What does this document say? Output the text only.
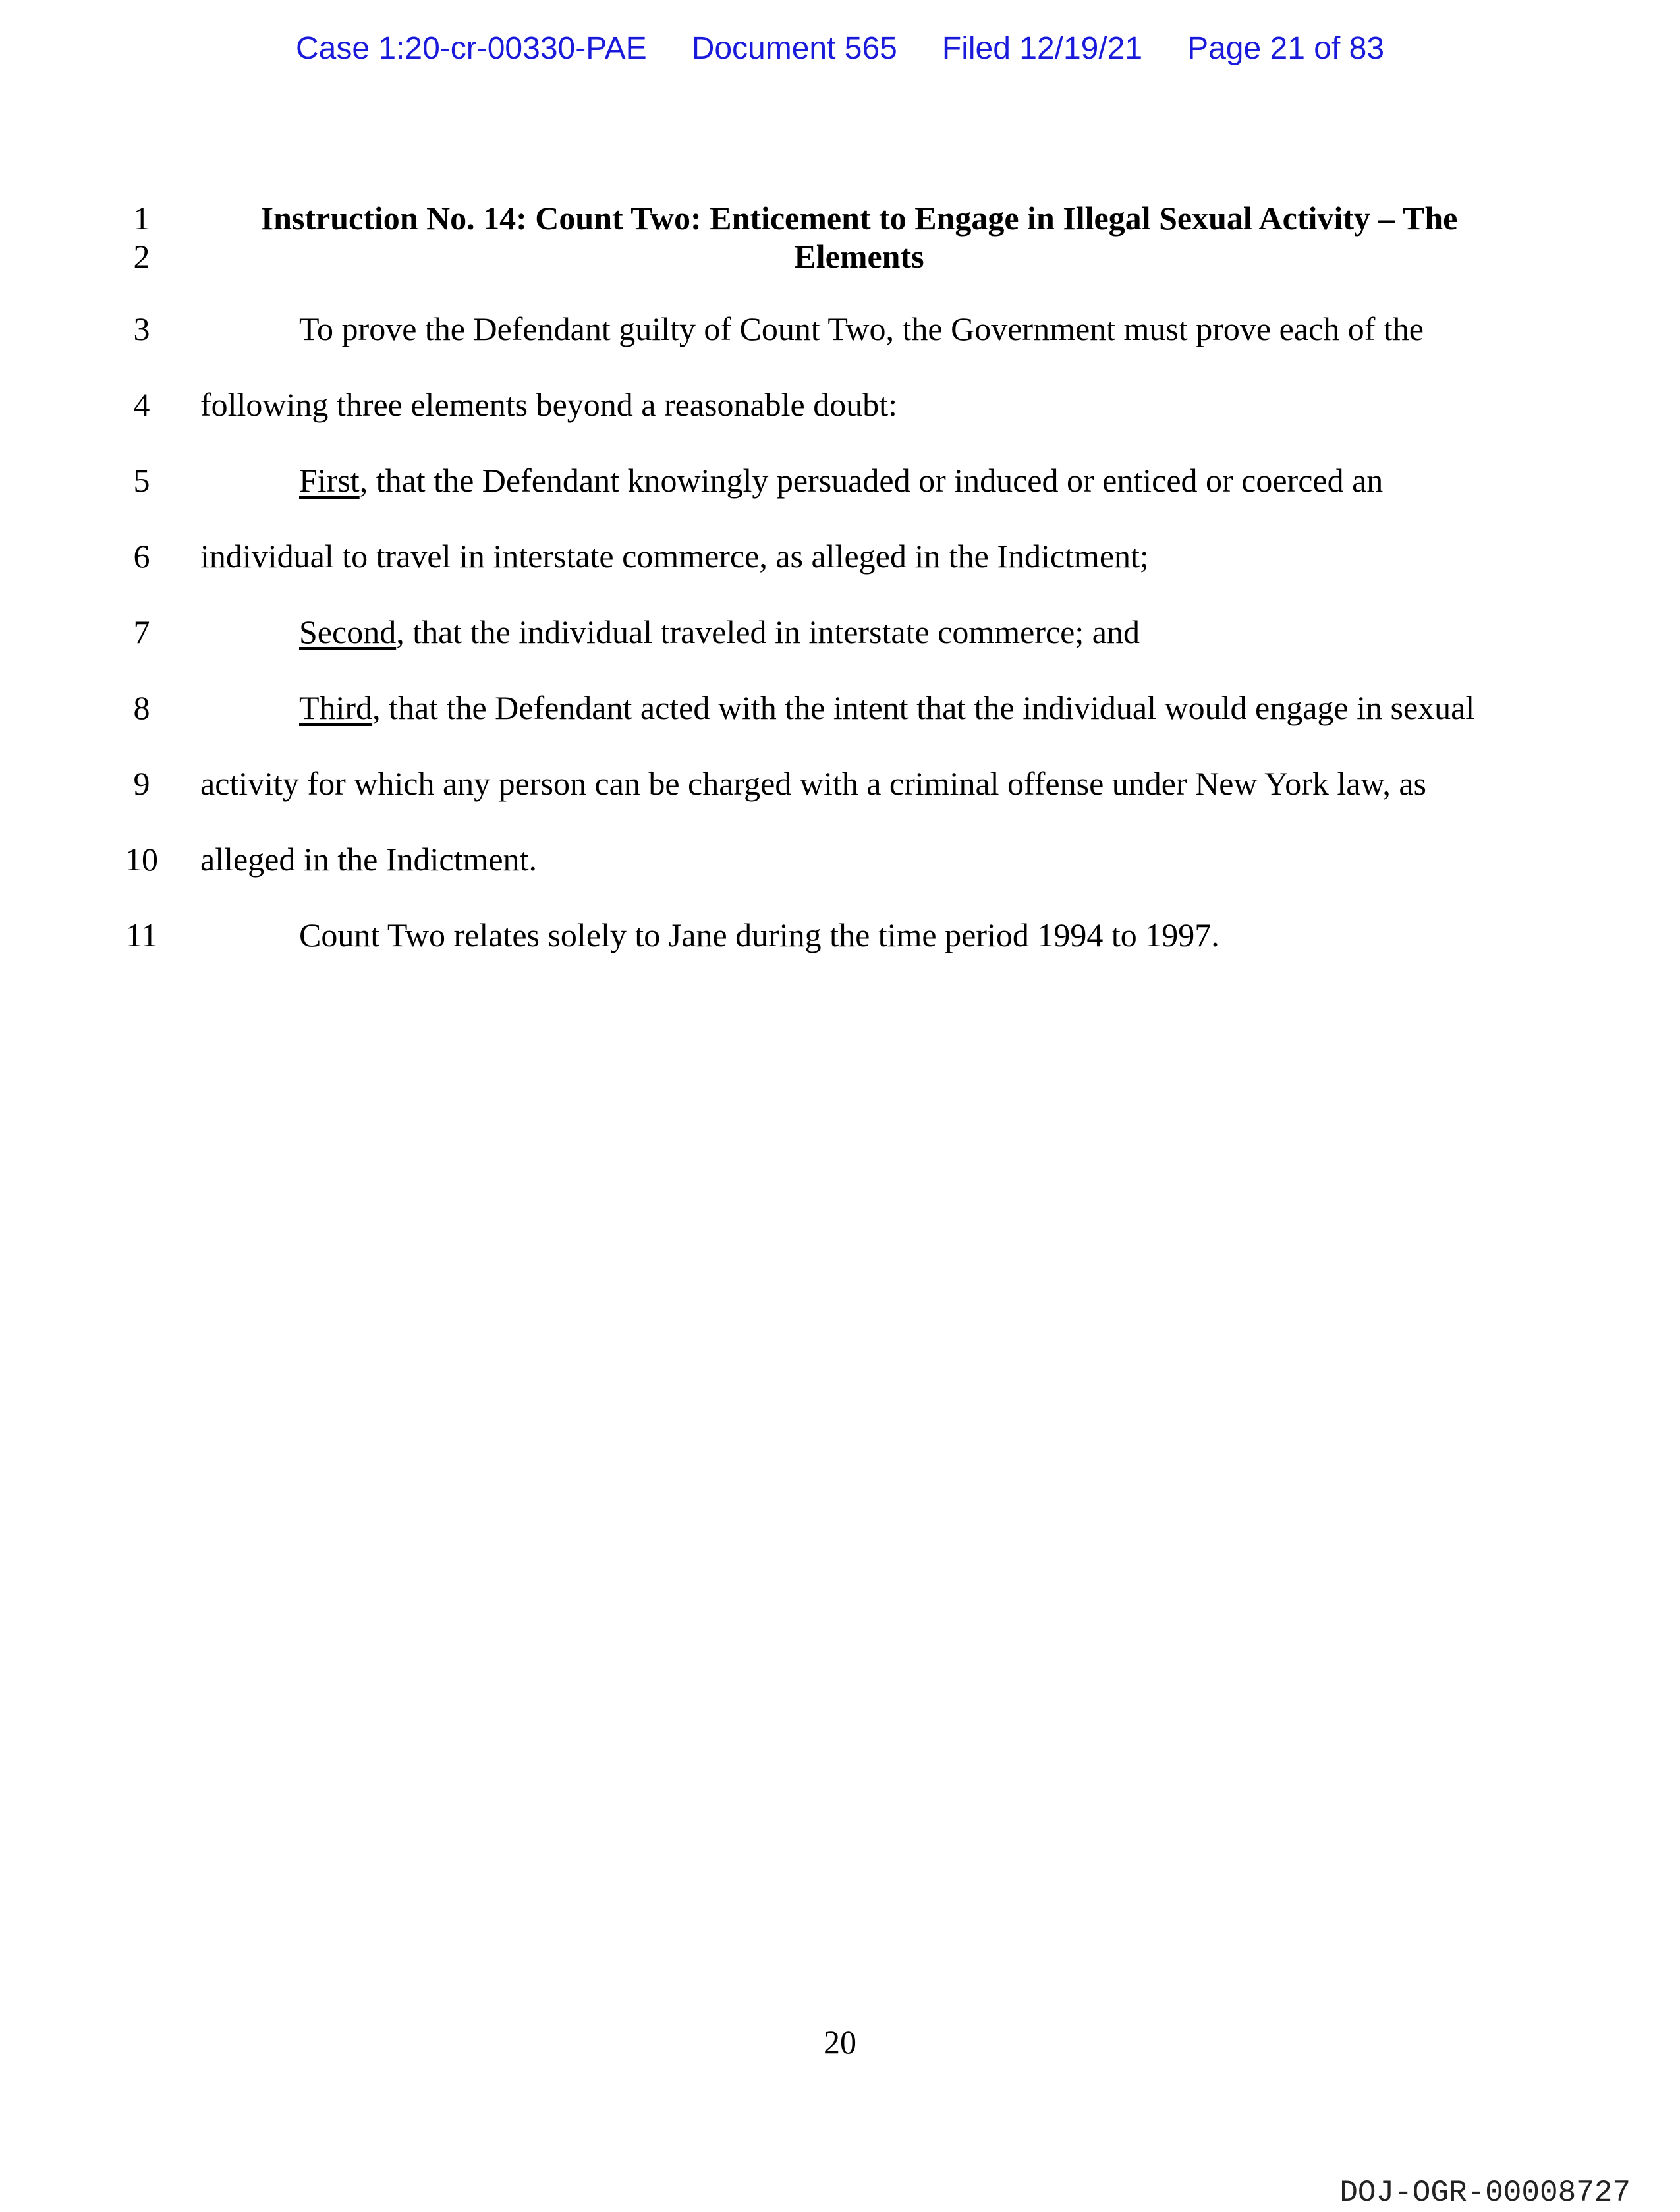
Case 1:20-cr-00330-PAE Document 565 Filed 12/19/21 Page 21 of 83
1
2
3
4
5
6
7
8
9
10
11
Instruction No. 14: Count Two: Enticement to Engage in Illegal Sexual Activity – The
Elements
To prove the Defendant guilty of Count Two, the Government must prove each of the
following three elements beyond a reasonable doubt:
First, that the Defendant knowingly persuaded or induced or enticed or coerced an
individual to travel in interstate commerce, as alleged in the Indictment;
Second, that the individual traveled in interstate commerce; and
Third, that the Defendant acted with the intent that the individual would engage in sexual
activity for which any person can be charged with a criminal offense under New York law, as
alleged in the Indictment.
Count Two relates solely to Jane during the time period 1994 to 1997.
20
DOJ-OGR-00008727
